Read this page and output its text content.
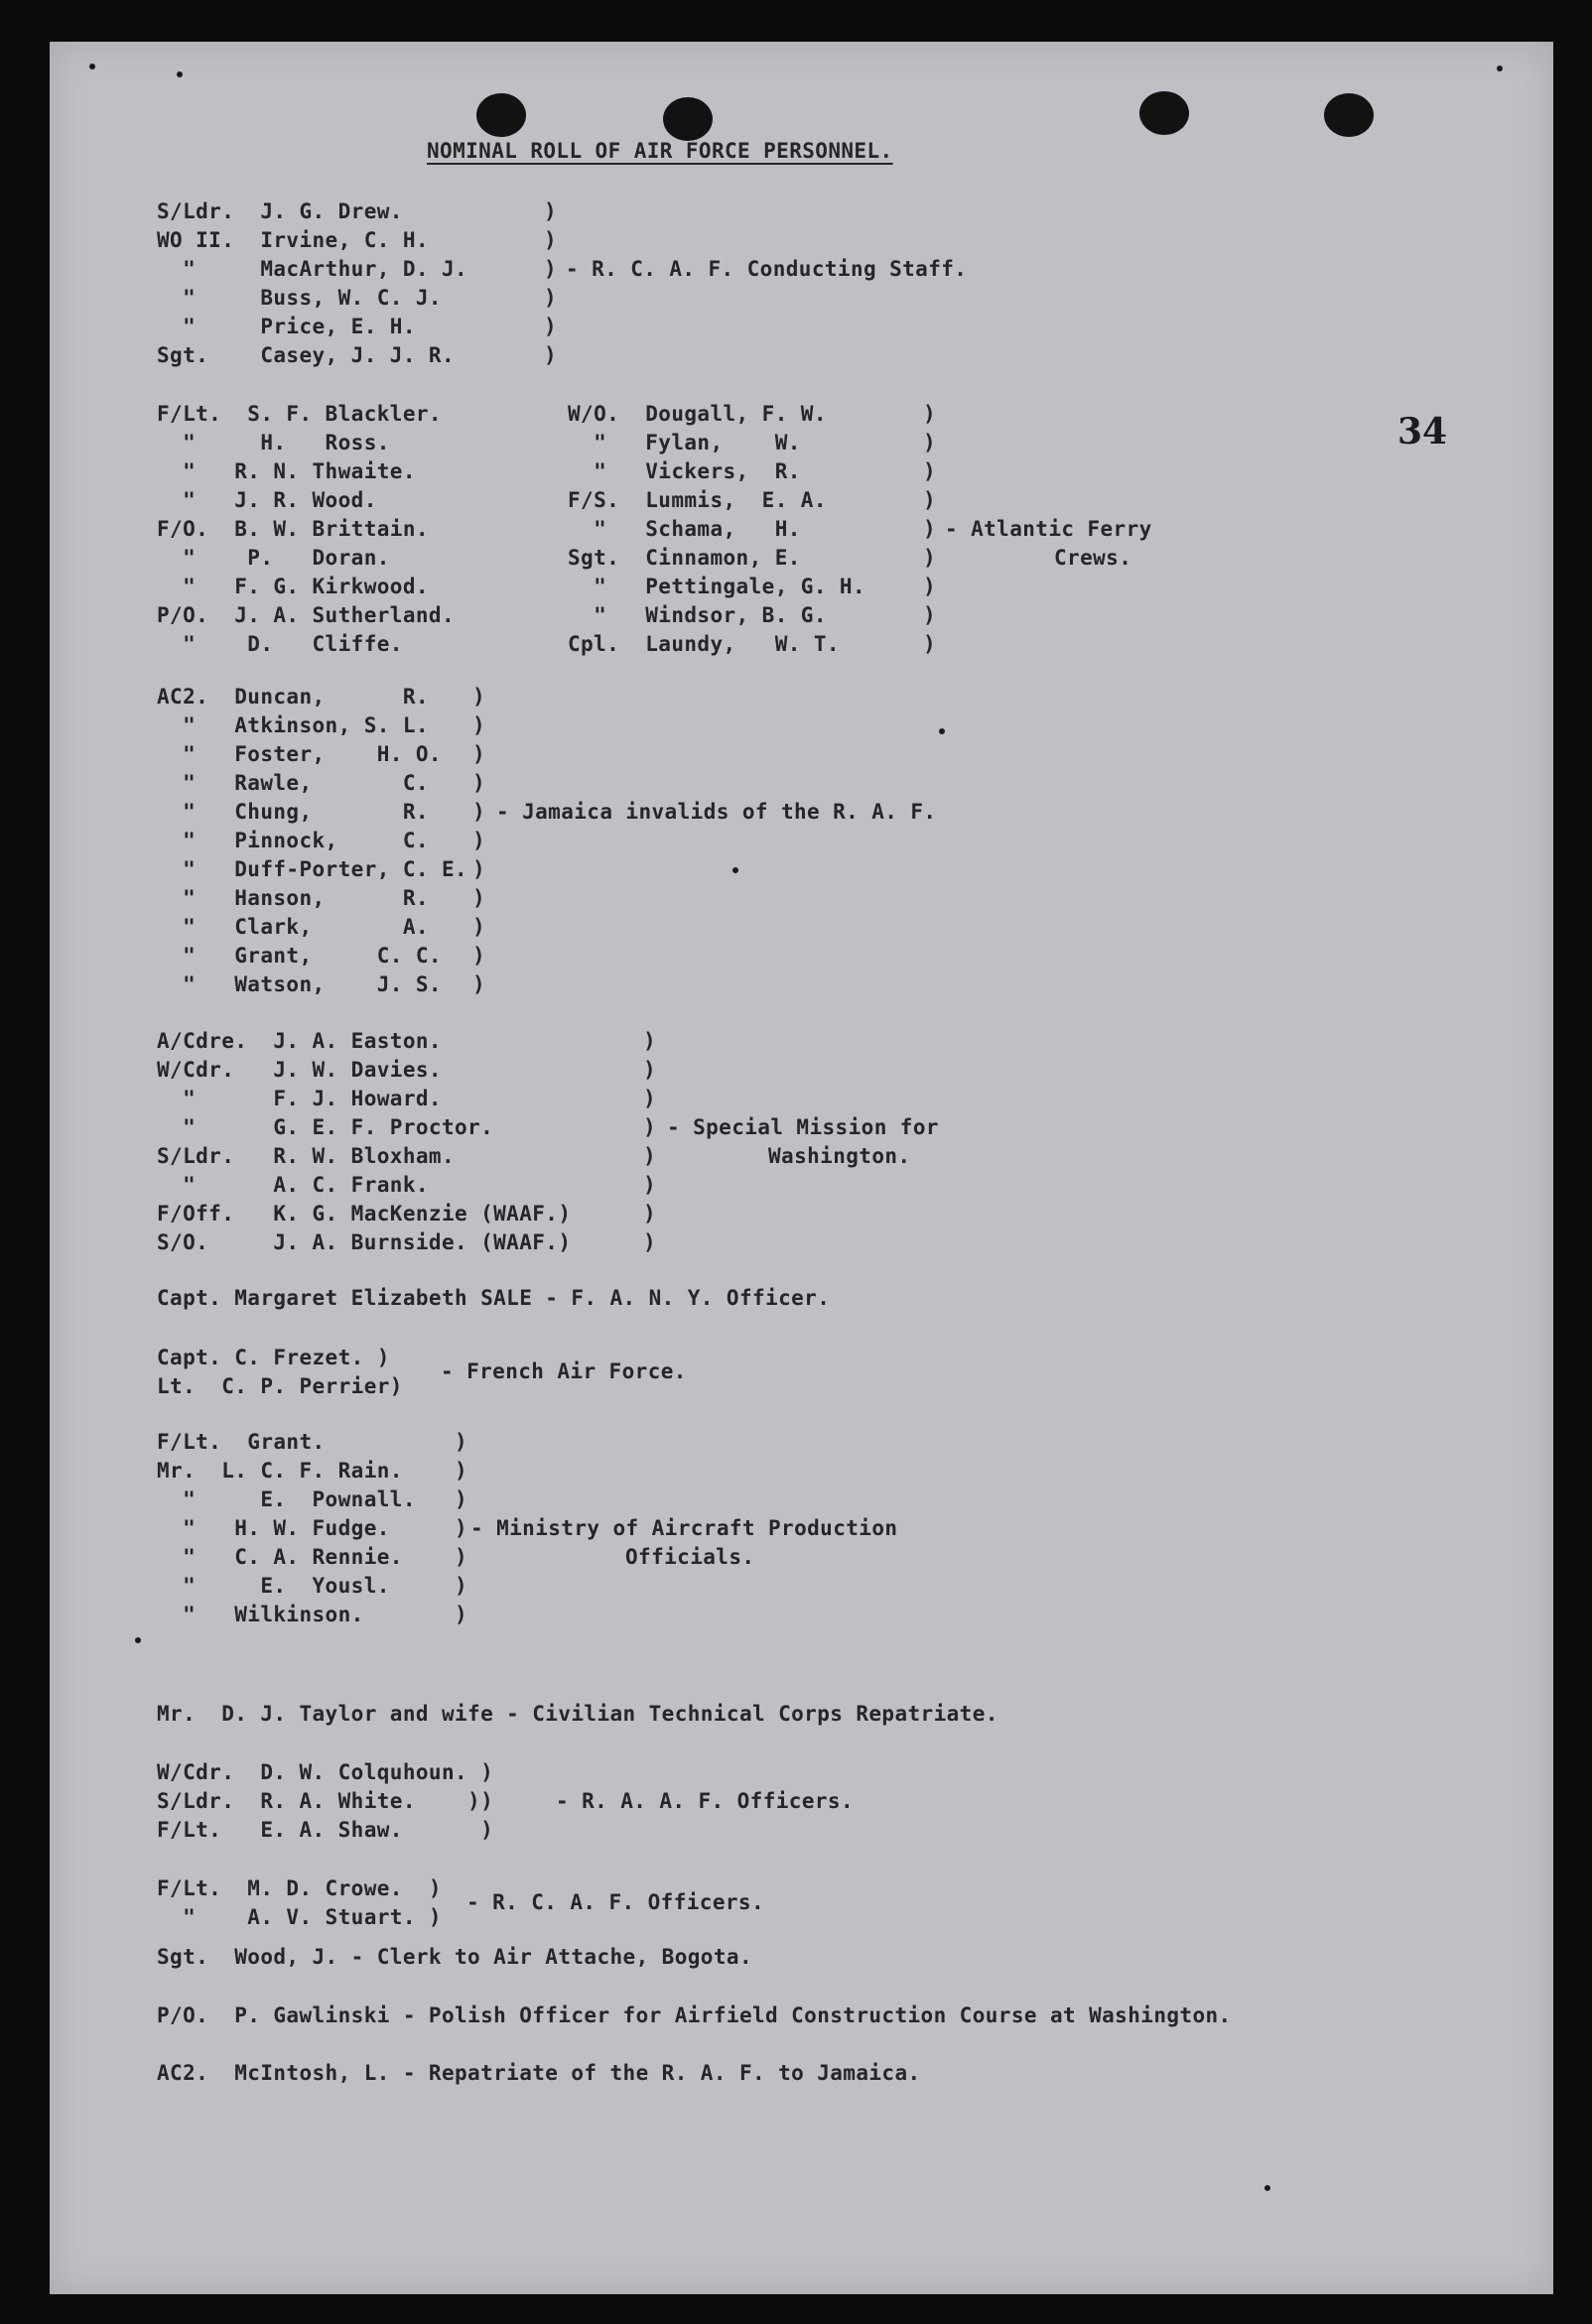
34
NOMINAL ROLL OF AIR FORCE PERSONNEL.
S/Ldr.  J. G. Drew.
WO II.  Irvine, C. H.
"     MacArthur, D. J.
"     Buss, W. C. J.
"     Price, E. H.
Sgt.    Casey, J. J. R.
)
)
)
)
)
)
- R. C. A. F. Conducting Staff.
F/Lt.  S. F. Blackler.
"     H.   Ross.
"   R. N. Thwaite.
"   J. R. Wood.
F/O.  B. W. Brittain.
"    P.   Doran.
"   F. G. Kirkwood.
P/O.  J. A. Sutherland.
"    D.   Cliffe.
W/O.  Dougall, F. W.
"   Fylan,    W.
"   Vickers,  R.
F/S.  Lummis,  E. A.
"   Schama,   H.
Sgt.  Cinnamon, E.
"   Pettingale, G. H.
"   Windsor, B. G.
Cpl.  Laundy,   W. T.
)
)
)
)
)
)
)
)
)
- Atlantic Ferry
Crews.
AC2.  Duncan,      R.
"   Atkinson, S. L.
"   Foster,    H. O.
"   Rawle,       C.
"   Chung,       R.
"   Pinnock,     C.
"   Duff-Porter, C. E.
"   Hanson,      R.
"   Clark,       A.
"   Grant,     C. C.
"   Watson,    J. S.
)
)
)
)
)
)
)
)
)
)
)
- Jamaica invalids of the R. A. F.
A/Cdre.  J. A. Easton.
W/Cdr.   J. W. Davies.
"      F. J. Howard.
"      G. E. F. Proctor.
S/Ldr.   R. W. Bloxham.
"      A. C. Frank.
F/Off.   K. G. MacKenzie (WAAF.)
S/O.     J. A. Burnside. (WAAF.)
)
)
)
)
)
)
)
)
- Special Mission for
Washington.
Capt. Margaret Elizabeth SALE - F. A. N. Y. Officer.
Capt. C. Frezet. )
Lt.  C. P. Perrier)
- French Air Force.
F/Lt.  Grant.
Mr.  L. C. F. Rain.
"     E.  Pownall.
"   H. W. Fudge.
"   C. A. Rennie.
"     E.  Yousl.
"   Wilkinson.
)
)
)
)
)
)
)
- Ministry of Aircraft Production
Officials.
Mr.  D. J. Taylor and wife - Civilian Technical Corps Repatriate.
W/Cdr.  D. W. Colquhoun. )
S/Ldr.  R. A. White.    ))
F/Lt.   E. A. Shaw.      )
- R. A. A. F. Officers.
F/Lt.  M. D. Crowe.  )
"    A. V. Stuart. )
- R. C. A. F. Officers.
Sgt.  Wood, J. - Clerk to Air Attache, Bogota.
P/O.  P. Gawlinski - Polish Officer for Airfield Construction Course at Washington.
AC2.  McIntosh, L. - Repatriate of the R. A. F. to Jamaica.
